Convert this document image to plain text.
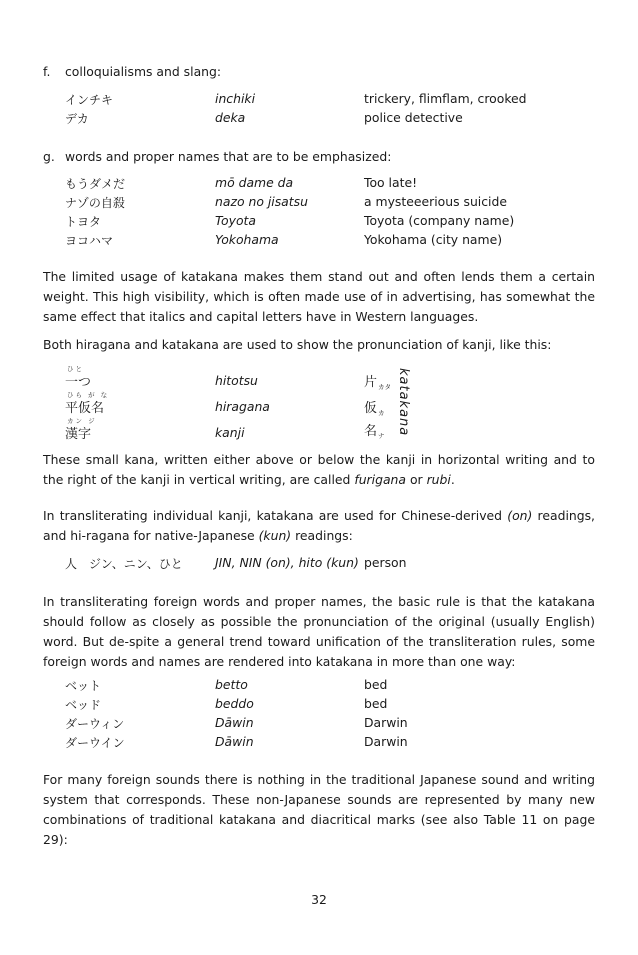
f. colloquialisms and slang:
インチキ	inchiki	trickery, flimflam, crooked
デカ	deka	police detective
g. words and proper names that are to be emphasized:
もうダメだ	mō dame da	Too late!
ナゾの自殺	nazo no jisatsu	a mysteeerious suicide
トヨタ	Toyota	Toyota (company name)
ヨコハマ	Yokohama	Yokohama (city name)
The limited usage of katakana makes them stand out and often lends them a certain weight. This high visibility, which is often made use of in advertising, has somewhat the same effect that italics and capital letters have in Western languages.
Both hiragana and katakana are used to show the pronunciation of kanji, like this:
ひと
一つ	hitotsu	片$_{カタ}$
ひら が な
平仮名	hiragana	仮$_カ$
カン ジ
漢字	kanji	名$_ナ$ katakana
These small kana, written either above or below the kanji in horizontal writing and to the right of the kanji in vertical writing, are called furigana or rubi.
In transliterating individual kanji, katakana are used for Chinese-derived (on) readings, and hi-ragana for native-Japanese (kun) readings:
人　ジン、ニン、ひと	JIN, NIN (on), hito (kun) person
In transliterating foreign words and proper names, the basic rule is that the katakana should follow as closely as possible the pronunciation of the original (usually English) word. But de-spite a general trend toward unification of the transliteration rules, some foreign words and names are rendered into katakana in more than one way:
ベット	betto	bed
ベッド	beddo	bed
ダーウィン	Dāwin	Darwin
ダーウイン	Dāwin	Darwin
For many foreign sounds there is nothing in the traditional Japanese sound and writing system that corresponds. These non-Japanese sounds are represented by many new combinations of traditional katakana and diacritical marks (see also Table 11 on page 29):
32
